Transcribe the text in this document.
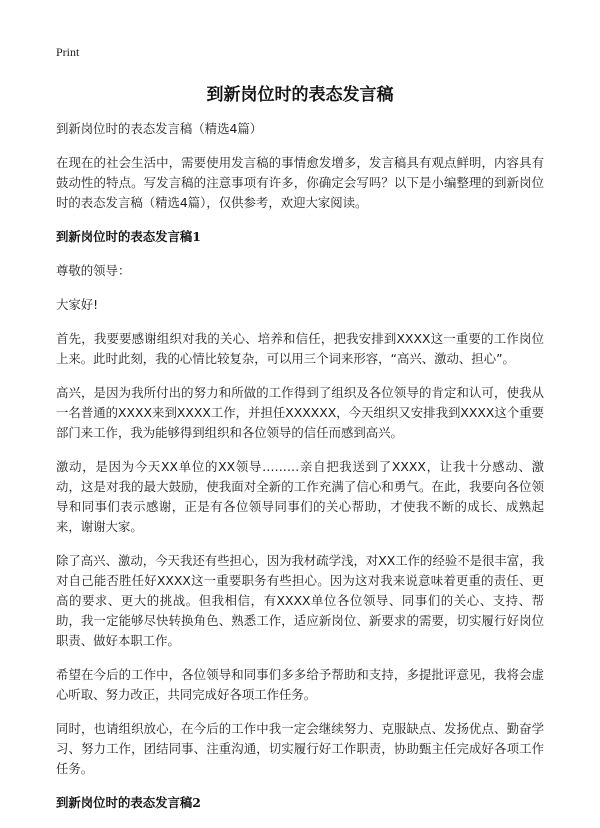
Print
到新岗位时的表态发言稿

到新岗位时的表态发言稿（精选4篇）

在现在的社会生活中，需要使用发言稿的事情愈发增多，发言稿具有观点鲜明，内容具有鼓动性的特点。写发言稿的注意事项有许多，你确定会写吗？以下是小编整理的到新岗位时的表态发言稿（精选4篇），仅供参考，欢迎大家阅读。

到新岗位时的表态发言稿1

尊敬的领导：

大家好!

首先，我要要感谢组织对我的关心、培养和信任，把我安排到XXXX这一重要的工作岗位上来。此时此刻，我的心情比较复杂，可以用三个词来形容，“高兴、激动、担心”。

高兴，是因为我所付出的努力和所做的工作得到了组织及各位领导的肯定和认可，使我从一名普通的XXXX来到XXXX工作，并担任XXXXXX，今天组织又安排我到XXXX这个重要部门来工作，我为能够得到组织和各位领导的信任而感到高兴。

激动，是因为今天XX单位的XX领导………亲自把我送到了XXXX，让我十分感动、激动，这是对我的最大鼓励，使我面对全新的工作充满了信心和勇气。在此，我要向各位领导和同事们表示感谢，正是有各位领导同事们的关心帮助，才使我不断的成长、成熟起来，谢谢大家。

除了高兴、激动，今天我还有些担心，因为我材疏学浅，对XX工作的经验不是很丰富，我对自己能否胜任好XXXX这一重要职务有些担心。因为这对我来说意味着更重的责任、更高的要求、更大的挑战。但我相信，有XXXX单位各位领导、同事们的关心、支持、帮助，我一定能够尽快转换角色、熟悉工作，适应新岗位、新要求的需要，切实履行好岗位职责、做好本职工作。

希望在今后的工作中，各位领导和同事们多多给予帮助和支持，多提批评意见，我将会虚心听取、努力改正，共同完成好各项工作任务。

同时，也请组织放心，在今后的工作中我一定会继续努力、克服缺点、发扬优点、勤奋学习、努力工作，团结同事、注重沟通，切实履行好工作职责，协助甄主任完成好各项工作任务。

到新岗位时的表态发言稿2
